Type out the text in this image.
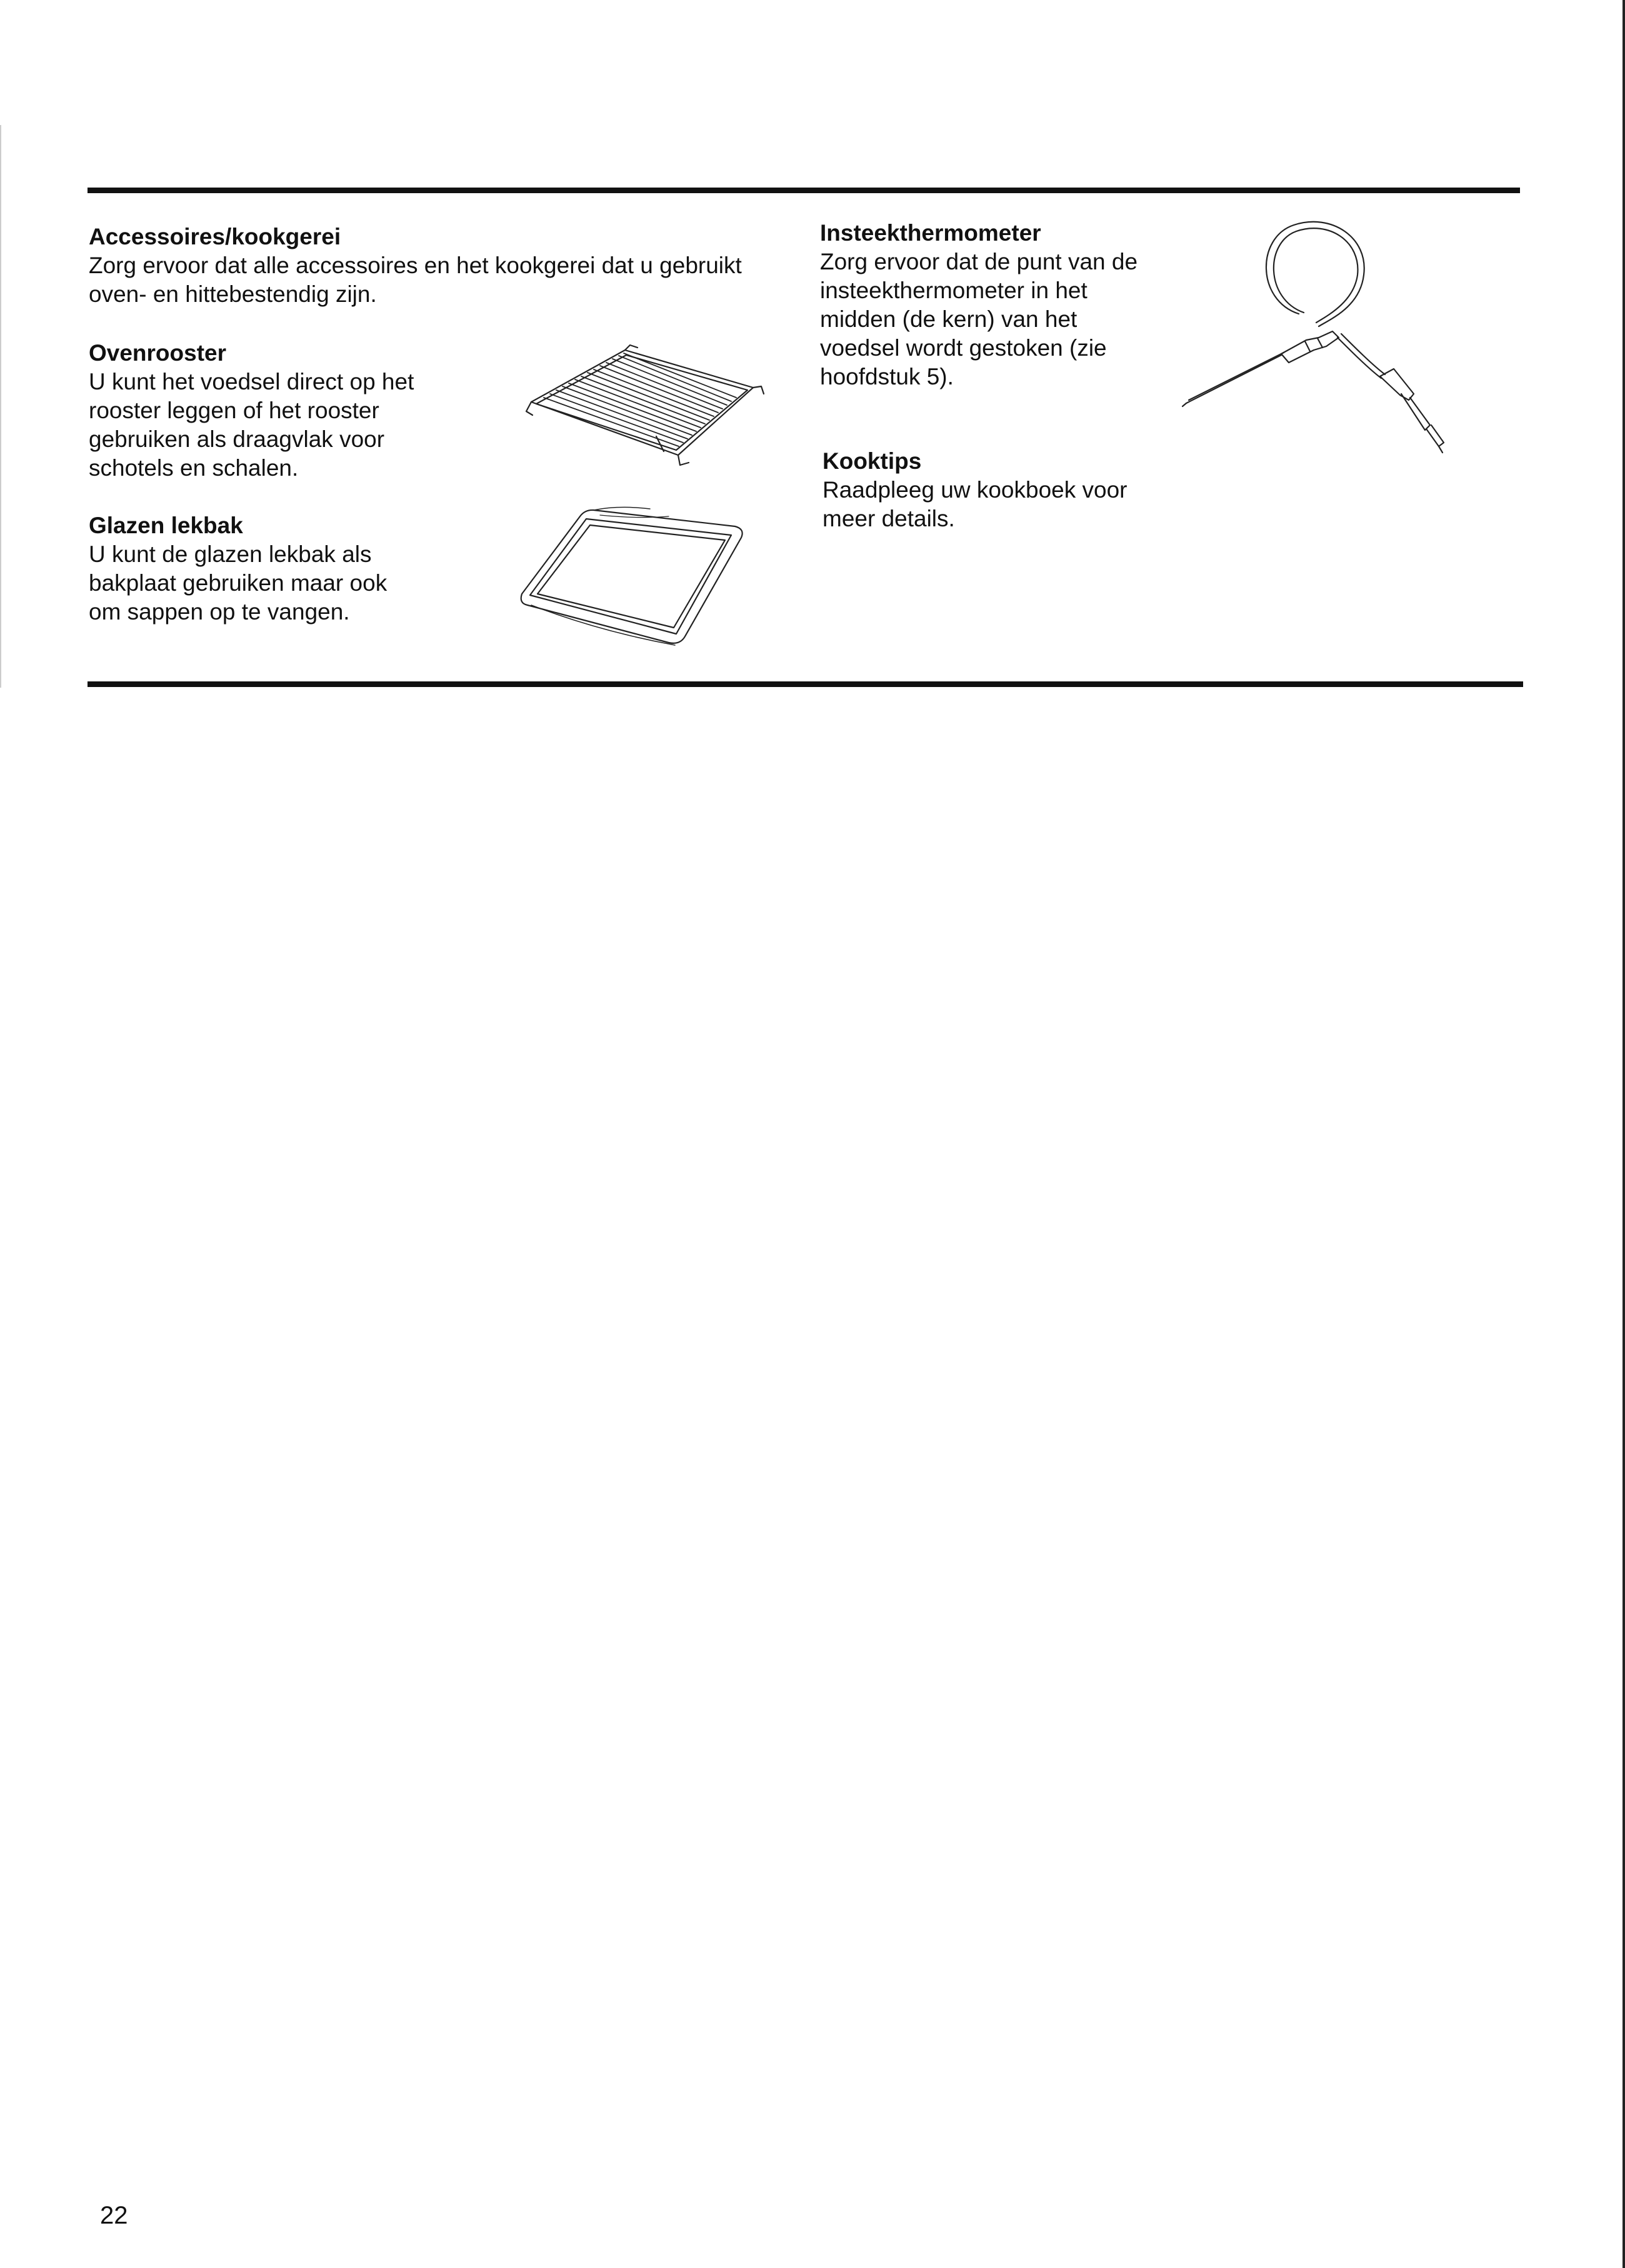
Accessoires/kookgerei

Zorg ervoor dat alle accessoires en het kookgerei dat u gebruikt

oven- en hittebestendig zijn.

Ovenrooster

U kunt het voedsel direct op het

rooster leggen of het rooster

gebruiken als draagvlak voor

schotels en schalen.

Glazen lekbak

U kunt de glazen lekbak als

bakplaat gebruiken maar ook

om sappen op te vangen.

Insteekthermometer

Zorg ervoor dat de punt van de

insteekthermometer in het

midden (de kern) van het

voedsel wordt gestoken (zie

hoofdstuk 5).

Kooktips

Raadpleeg uw kookboek voor

meer details.

22
